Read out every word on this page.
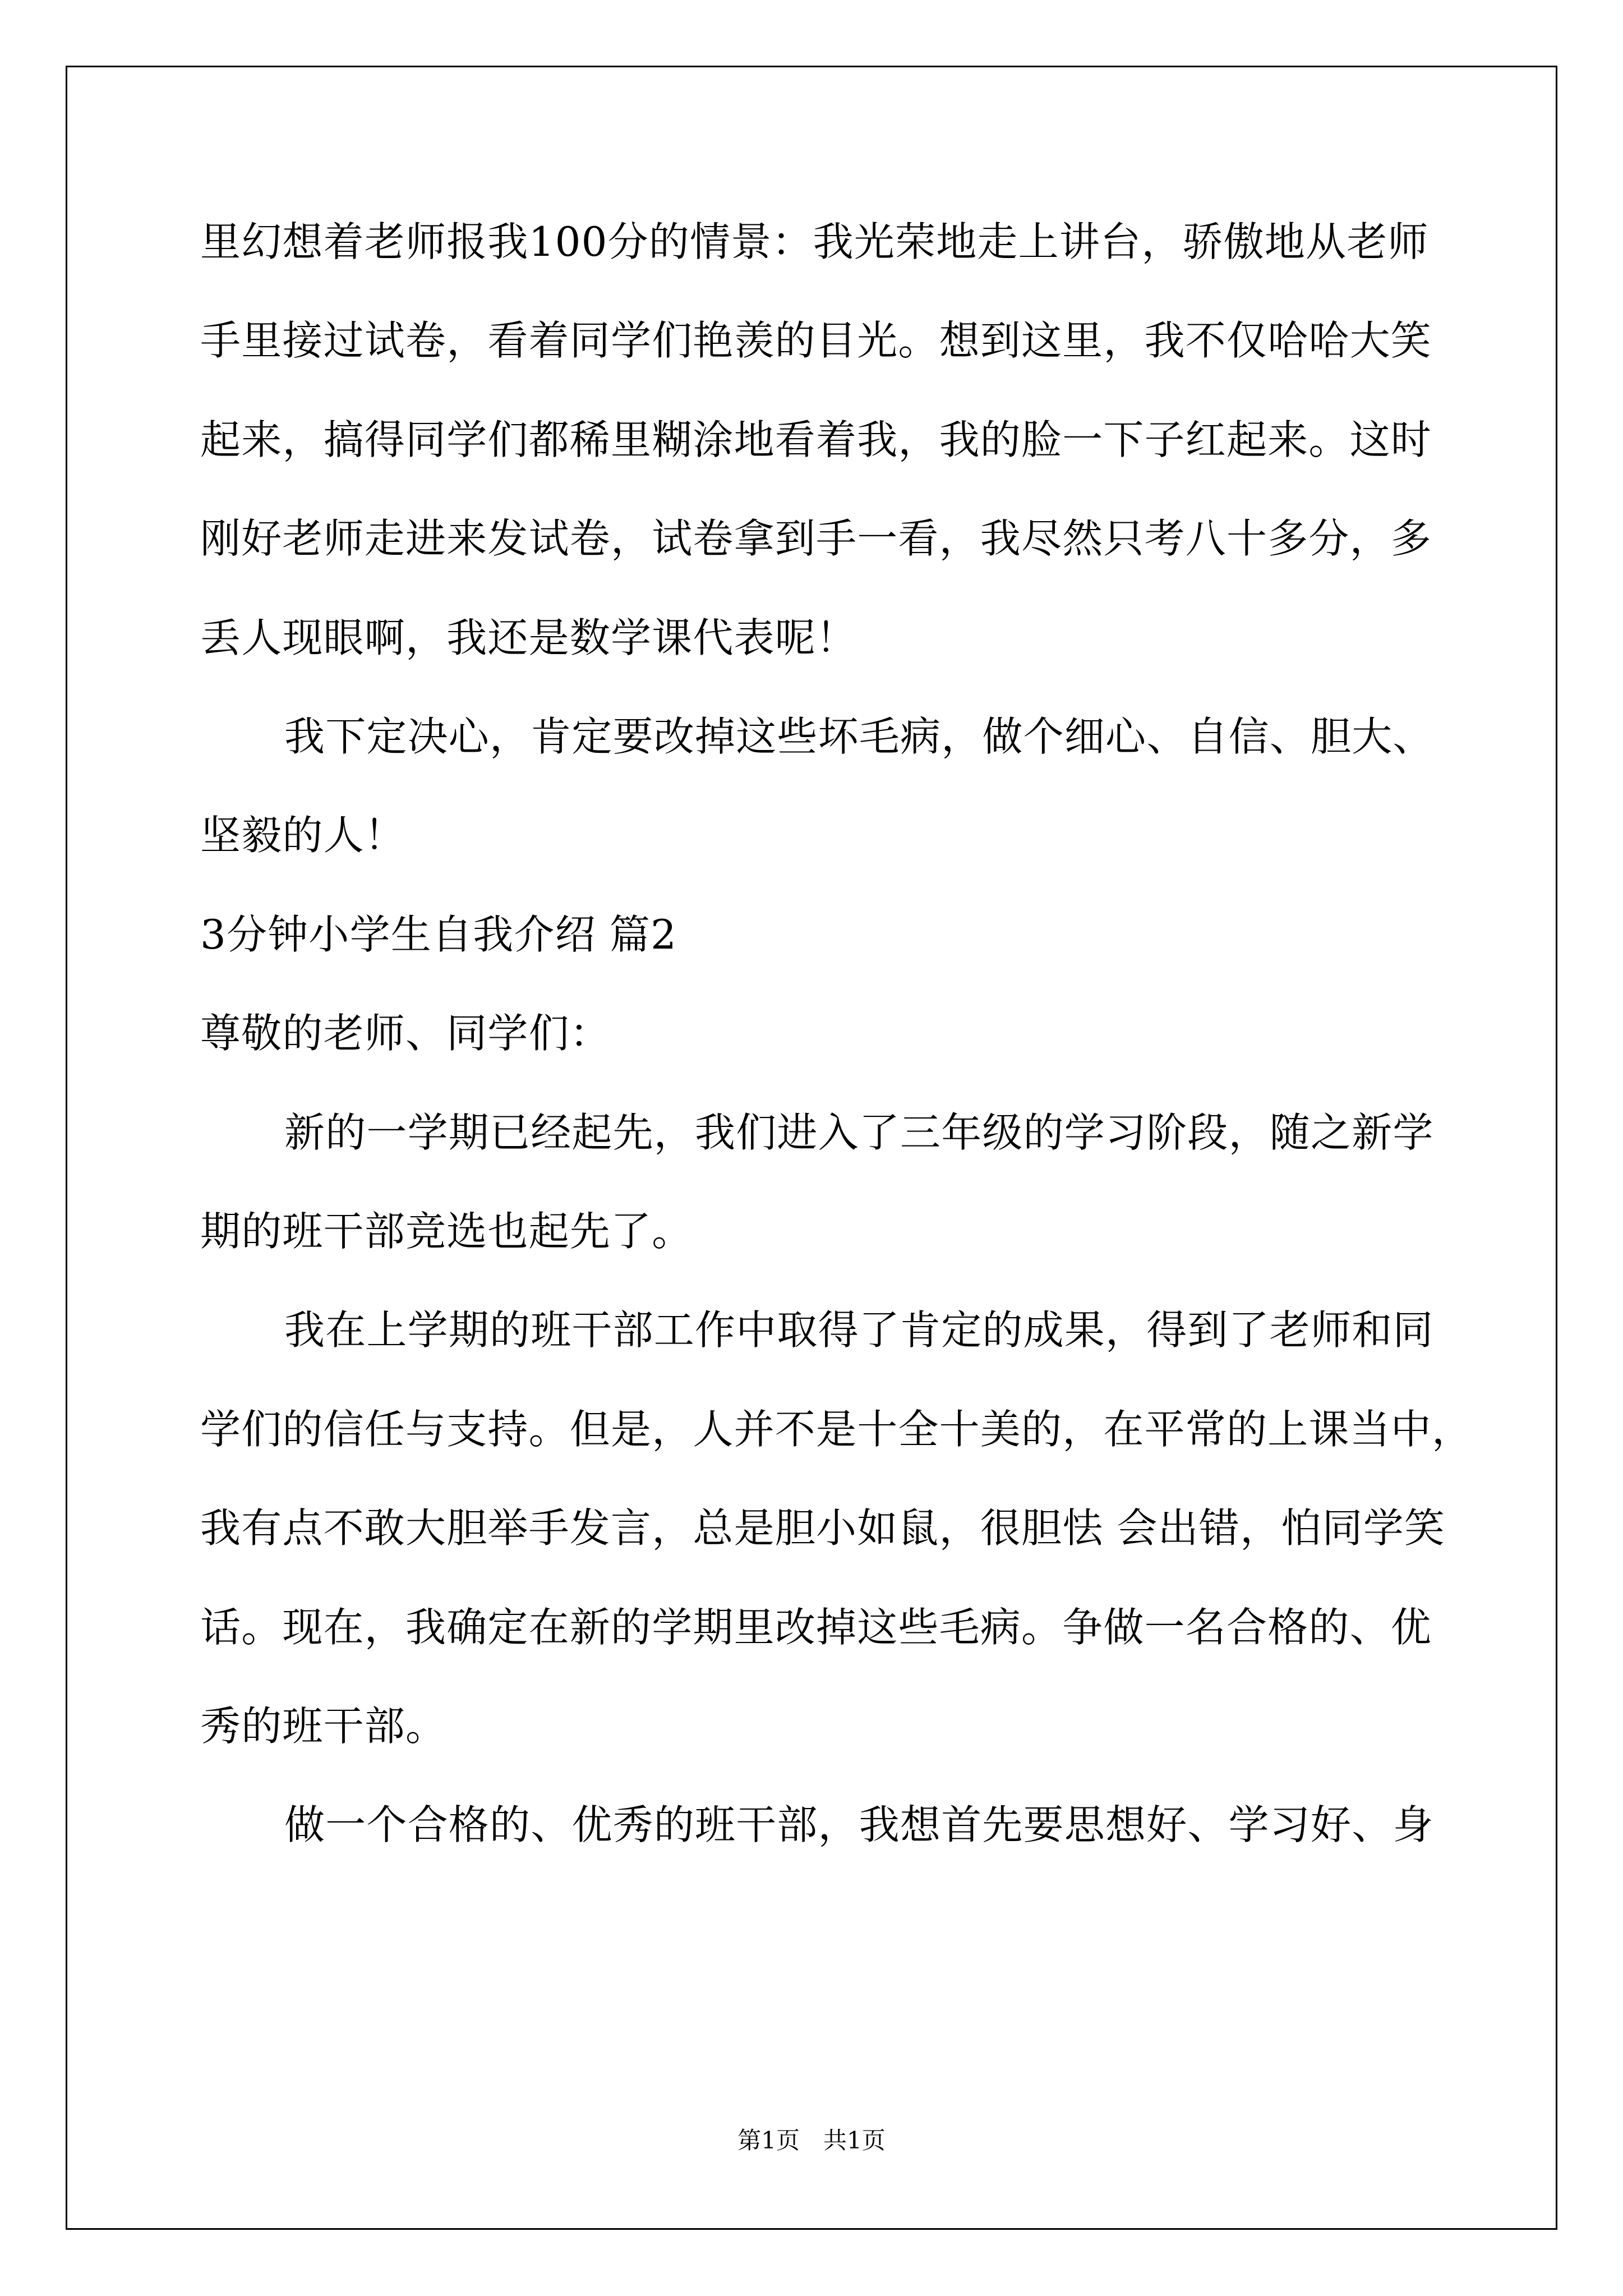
里幻想着老师报我100分的情景：我光荣地走上讲台，骄傲地从老师
手里接过试卷，看着同学们艳羡的目光。想到这里，我不仅哈哈大笑
起来，搞得同学们都稀里糊涂地看着我，我的脸一下子红起来。这时
刚好老师走进来发试卷，试卷拿到手一看，我尽然只考八十多分，多
丢人现眼啊，我还是数学课代表呢！
我下定决心，肯定要改掉这些坏毛病，做个细心、自信、胆大、
坚毅的人！
3分钟小学生自我介绍 篇2
尊敬的老师、同学们：
新的一学期已经起先，我们进入了三年级的学习阶段，随之新学
期的班干部竞选也起先了。
我在上学期的班干部工作中取得了肯定的成果，得到了老师和同
学们的信任与支持。但是，人并不是十全十美的，在平常的上课当中，
我有点不敢大胆举手发言，总是胆小如鼠，很胆怯 会出错，怕同学笑
话。现在，我确定在新的学期里改掉这些毛病。争做一名合格的、优
秀的班干部。
做一个合格的、优秀的班干部，我想首先要思想好、学习好、身
第1页　共1页
